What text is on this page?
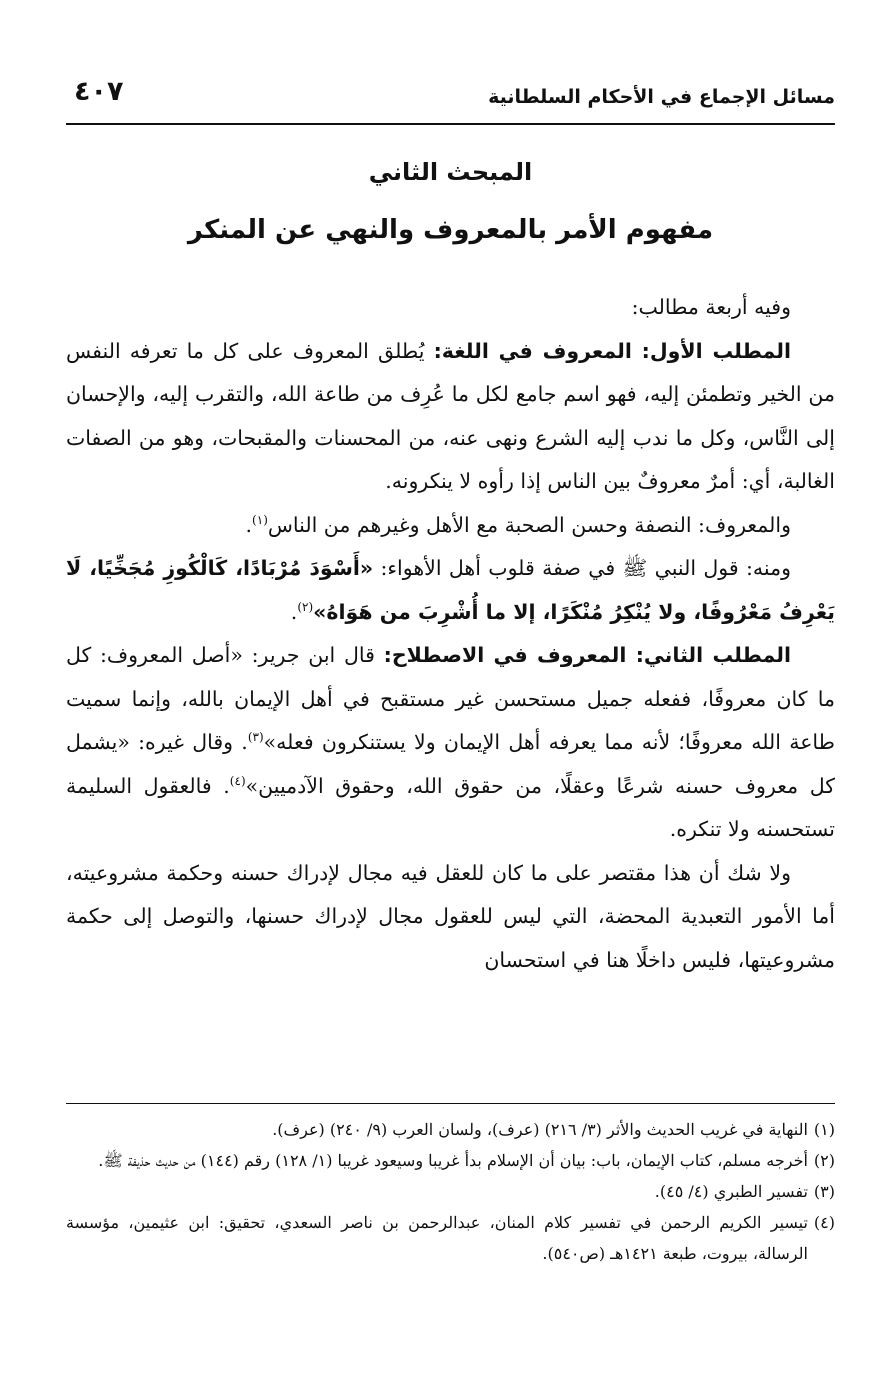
مسائل الإجماع في الأحكام السلطانية
٤٠٧
المبحث الثاني
مفهوم الأمر بالمعروف والنهي عن المنكر

وفيه أربعة مطالب:

المطلب الأول: المعروف في اللغة: يُطلق المعروف على كل ما تعرفه النفس من الخير وتطمئن إليه، فهو اسم جامع لكل ما عُرِف من طاعة الله، والتقرب إليه، والإحسان إلى النَّاس، وكل ما ندب إليه الشرع ونهى عنه، من المحسنات والمقبحات، وهو من الصفات الغالبة، أي: أمرٌ معروفٌ بين الناس إذا رأوه لا ينكرونه.

والمعروف: النصفة وحسن الصحبة مع الأهل وغيرهم من الناس$^{(١)}$.

ومنه: قول النبي ﷺ في صفة قلوب أهل الأهواء: «أَسْوَدَ مُرْبَادًا، كَالْكُوزِ مُجَخِّيًا، لَا يَعْرِفُ مَعْرُوفًا، ولا يُنْكِرُ مُنْكَرًا، إلا ما أُشْرِبَ من هَوَاهُ»$^{(٢)}$.

المطلب الثاني: المعروف في الاصطلاح: قال ابن جرير: «أصل المعروف: كل ما كان معروفًا، ففعله جميل مستحسن غير مستقبح في أهل الإيمان بالله، وإنما سميت طاعة الله معروفًا؛ لأنه مما يعرفه أهل الإيمان ولا يستنكرون فعله»$^{(٣)}$. وقال غيره: «يشمل كل معروف حسنه شرعًا وعقلًا، من حقوق الله، وحقوق الآدميين»$^{(٤)}$. فالعقول السليمة تستحسنه ولا تنكره.

ولا شك أن هذا مقتصر على ما كان للعقل فيه مجال لإدراك حسنه وحكمة مشروعيته، أما الأمور التعبدية المحضة، التي ليس للعقول مجال لإدراك حسنها، والتوصل إلى حكمة مشروعيتها، فليس داخلًا هنا في استحسان

(١)
النهاية في غريب الحديث والأثر (٣/ ٢١٦) (عرف)، ولسان العرب (٩/ ٢٤٠) (عرف).
(٢)
أخرجه مسلم، كتاب الإيمان، باب: بيان أن الإسلام بدأ غريبا وسيعود غريبا (١/ ١٢٨) رقم (١٤٤) من حديث حذيفة ﷺ.
(٣)
تفسير الطبري (٤/ ٤٥).
(٤)
تيسير الكريم الرحمن في تفسير كلام المنان، عبدالرحمن بن ناصر السعدي، تحقيق: ابن عثيمين، مؤسسة الرسالة، بيروت، طبعة ١٤٢١هـ (ص٥٤٠).
